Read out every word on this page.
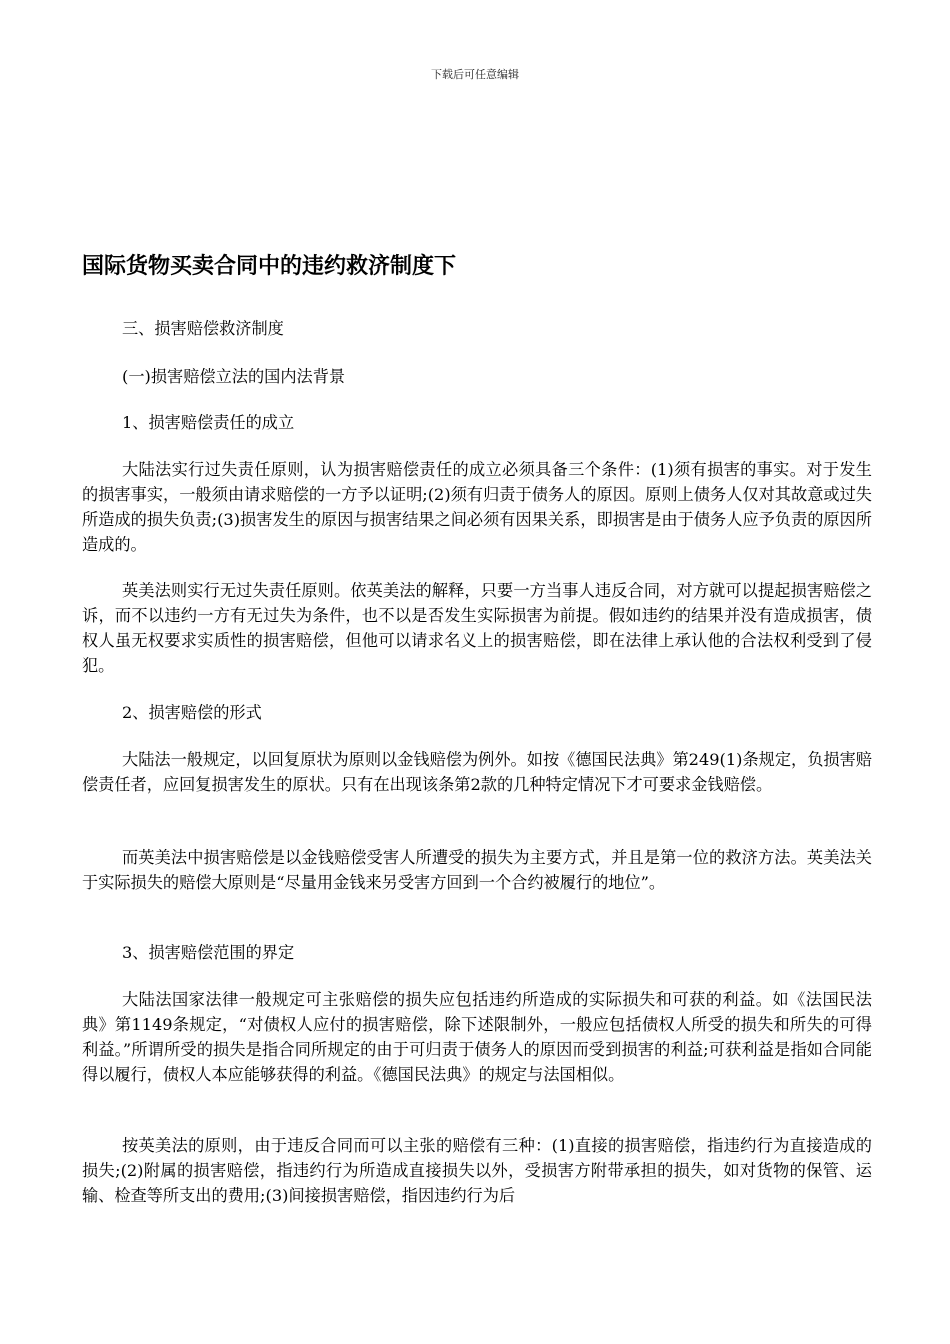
下载后可任意编辑
国际货物买卖合同中的违约救济制度下

三、损害赔偿救济制度

(一)损害赔偿立法的国内法背景

1、损害赔偿责任的成立

大陆法实行过失责任原则，认为损害赔偿责任的成立必须具备三个条件：(1)须有损害的事实。对于发生的损害事实，一般须由请求赔偿的一方予以证明;(2)须有归责于债务人的原因。原则上债务人仅对其故意或过失所造成的损失负责;(3)损害发生的原因与损害结果之间必须有因果关系，即损害是由于债务人应予负责的原因所造成的。

英美法则实行无过失责任原则。依英美法的解释，只要一方当事人违反合同，对方就可以提起损害赔偿之诉，而不以违约一方有无过失为条件，也不以是否发生实际损害为前提。假如违约的结果并没有造成损害，债权人虽无权要求实质性的损害赔偿，但他可以请求名义上的损害赔偿，即在法律上承认他的合法权利受到了侵犯。

2、损害赔偿的形式

大陆法一般规定，以回复原状为原则以金钱赔偿为例外。如按《德国民法典》第249(1)条规定，负损害赔偿责任者，应回复损害发生的原状。只有在出现该条第2款的几种特定情况下才可要求金钱赔偿。

而英美法中损害赔偿是以金钱赔偿受害人所遭受的损失为主要方式，并且是第一位的救济方法。英美法关于实际损失的赔偿大原则是“尽量用金钱来另受害方回到一个合约被履行的地位”。

3、损害赔偿范围的界定

大陆法国家法律一般规定可主张赔偿的损失应包括违约所造成的实际损失和可获的利益。如《法国民法典》第1149条规定，“对债权人应付的损害赔偿，除下述限制外，一般应包括债权人所受的损失和所失的可得利益。”所谓所受的损失是指合同所规定的由于可归责于债务人的原因而受到损害的利益;可获利益是指如合同能得以履行，债权人本应能够获得的利益。《德国民法典》的规定与法国相似。

按英美法的原则，由于违反合同而可以主张的赔偿有三种：(1)直接的损害赔偿，指违约行为直接造成的损失;(2)附属的损害赔偿，指违约行为所造成直接损失以外，受损害方附带承担的损失，如对货物的保管、运输、检查等所支出的费用;(3)间接损害赔偿，指因违约行为后
